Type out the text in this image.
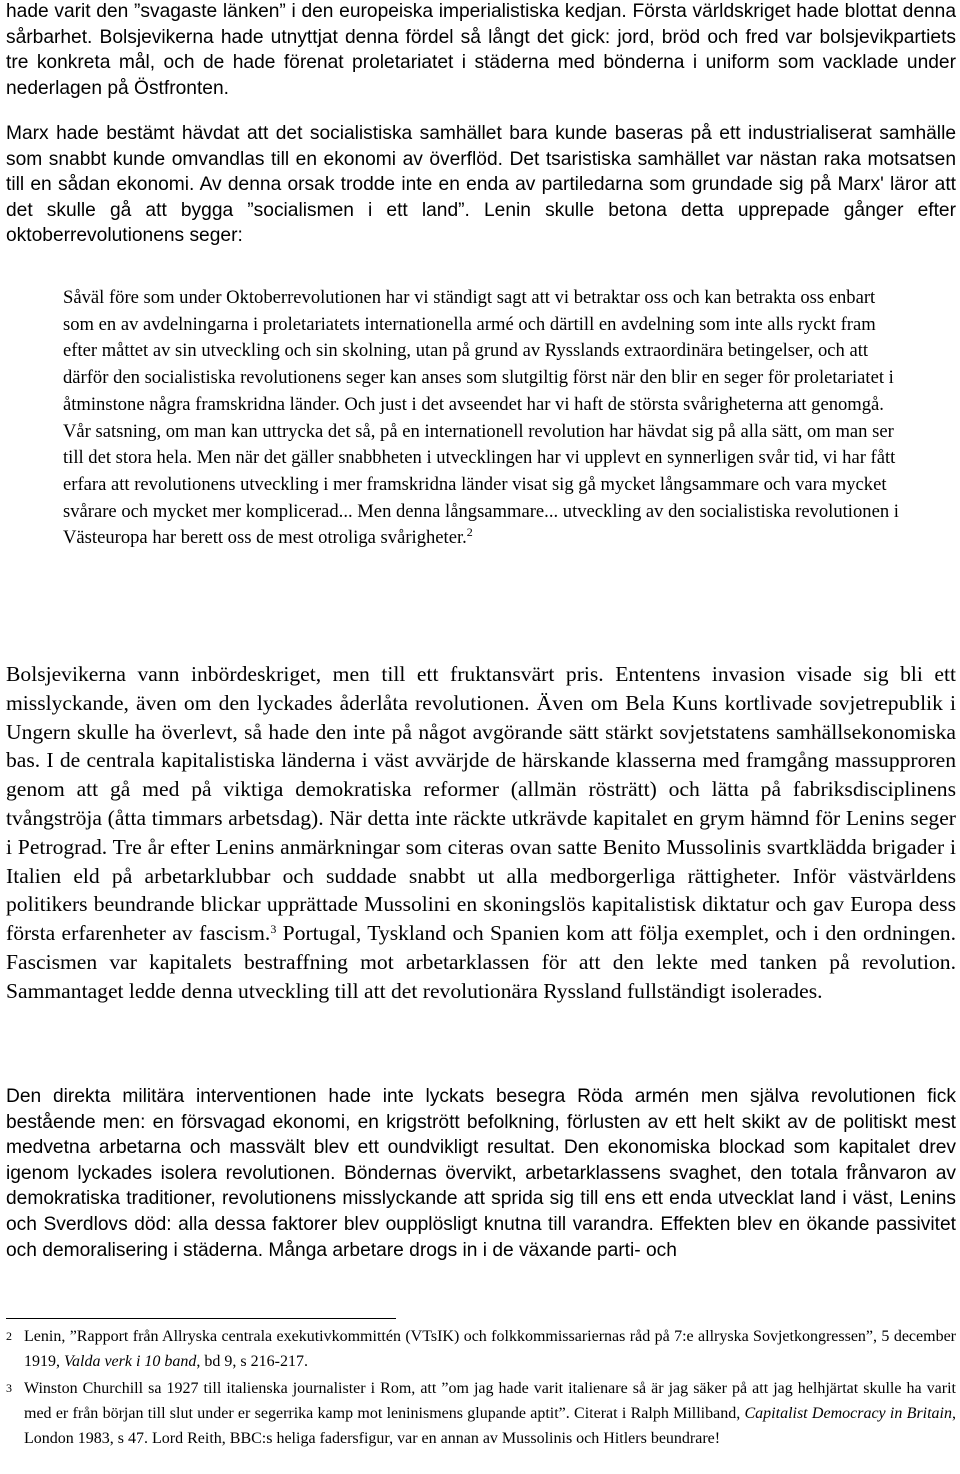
hade varit den ”svagaste länken” i den europeiska imperialistiska kedjan. Första världskriget hade blottat denna sårbarhet. Bolsjevikerna hade utnyttjat denna fördel så långt det gick: jord, bröd och fred var bolsjevikpartiets tre konkreta mål, och de hade förenat proletariatet i städerna med bönderna i uniform som vacklade under nederlagen på Östfronten.

Marx hade bestämt hävdat att det socialistiska samhället bara kunde baseras på ett industrialiserat samhälle som snabbt kunde omvandlas till en ekonomi av överflöd. Det tsaristiska samhället var nästan raka motsatsen till en sådan ekonomi. Av denna orsak trodde inte en enda av partiledarna som grundade sig på Marx' läror att det skulle gå att bygga ”socialismen i ett land”. Lenin skulle betona detta upprepade gånger efter oktoberrevolutionens seger:

Såväl före som under Oktoberrevolutionen har vi ständigt sagt att vi betraktar oss och kan betrakta oss enbart som en av avdelningarna i proletariatets internationella armé och därtill en avdelning som inte alls ryckt fram efter måttet av sin utveckling och sin skolning, utan på grund av Rysslands extraordinära betingelser, och att därför den socialistiska revolutionens seger kan anses som slutgiltig först när den blir en seger för proletariatet i åtminstone några framskridna länder. Och just i det avseendet har vi haft de största svårigheterna att genomgå. Vår satsning, om man kan uttrycka det så, på en internationell revolution har hävdat sig på alla sätt, om man ser till det stora hela. Men när det gäller snabbheten i utvecklingen har vi upplevt en synnerligen svår tid, vi har fått erfara att revolutionens utveckling i mer framskridna länder visat sig gå mycket långsammare och vara mycket svårare och mycket mer komplicerad... Men denna långsammare... utveckling av den socialistiska revolutionen i Västeuropa har berett oss de mest otroliga svårigheter.$^2$

Bolsjevikerna vann inbördeskriget, men till ett fruktansvärt pris. Ententens invasion visade sig bli ett misslyckande, även om den lyckades åderlåta revolutionen. Även om Bela Kuns kortlivade sovjetrepublik i Ungern skulle ha överlevt, så hade den inte på något avgörande sätt stärkt sovjetstatens samhällsekonomiska bas. I de centrala kapitalistiska länderna i väst avvärjde de härskande klasserna med framgång massupproren genom att gå med på viktiga demokratiska reformer (allmän rösträtt) och lätta på fabriksdisciplinens tvångströja (åtta timmars arbetsdag). När detta inte räckte utkrävde kapitalet en grym hämnd för Lenins seger i Petrograd. Tre år efter Lenins anmärkningar som citeras ovan satte Benito Mussolinis svartklädda brigader i Italien eld på arbetarklubbar och suddade snabbt ut alla medborgerliga rättigheter. Inför västvärldens politikers beundrande blickar upprättade Mussolini en skoningslös kapitalistisk diktatur och gav Europa dess första erfarenheter av fascism.$^3$ Portugal, Tyskland och Spanien kom att följa exemplet, och i den ordningen. Fascismen var kapitalets bestraffning mot arbetarklassen för att den lekte med tanken på revolution. Sammantaget ledde denna utveckling till att det revolutionära Ryssland fullständigt isolerades.

Den direkta militära interventionen hade inte lyckats besegra Röda armén men själva revolutionen fick bestående men: en försvagad ekonomi, en krigstrött befolkning, förlusten av ett helt skikt av de politiskt mest medvetna arbetarna och massvält blev ett oundvikligt resultat. Den ekonomiska blockad som kapitalet drev igenom lyckades isolera revolutionen. Böndernas övervikt, arbetarklassens svaghet, den totala frånvaron av demokratiska traditioner, revolutionens misslyckande att sprida sig till ens ett enda utvecklat land i väst, Lenins och Sverdlovs död: alla dessa faktorer blev oupplösligt knutna till varandra. Effekten blev en ökande passivitet och demoralisering i städerna. Många arbetare drogs in i de växande parti- och

2 Lenin, ”Rapport från Allryska centrala exekutivkommittén (VTsIK) och folkkommissariernas råd på 7:e allryska Sovjetkongressen”, 5 december 1919, Valda verk i 10 band, bd 9, s 216-217.

3 Winston Churchill sa 1927 till italienska journalister i Rom, att ”om jag hade varit italienare så är jag säker på att jag helhjärtat skulle ha varit med er från början till slut under er segerrika kamp mot leninismens glupande aptit”. Citerat i Ralph Milliband, Capitalist Democracy in Britain, London 1983, s 47. Lord Reith, BBC:s heliga fadersfigur, var en annan av Mussolinis och Hitlers beundrare!
